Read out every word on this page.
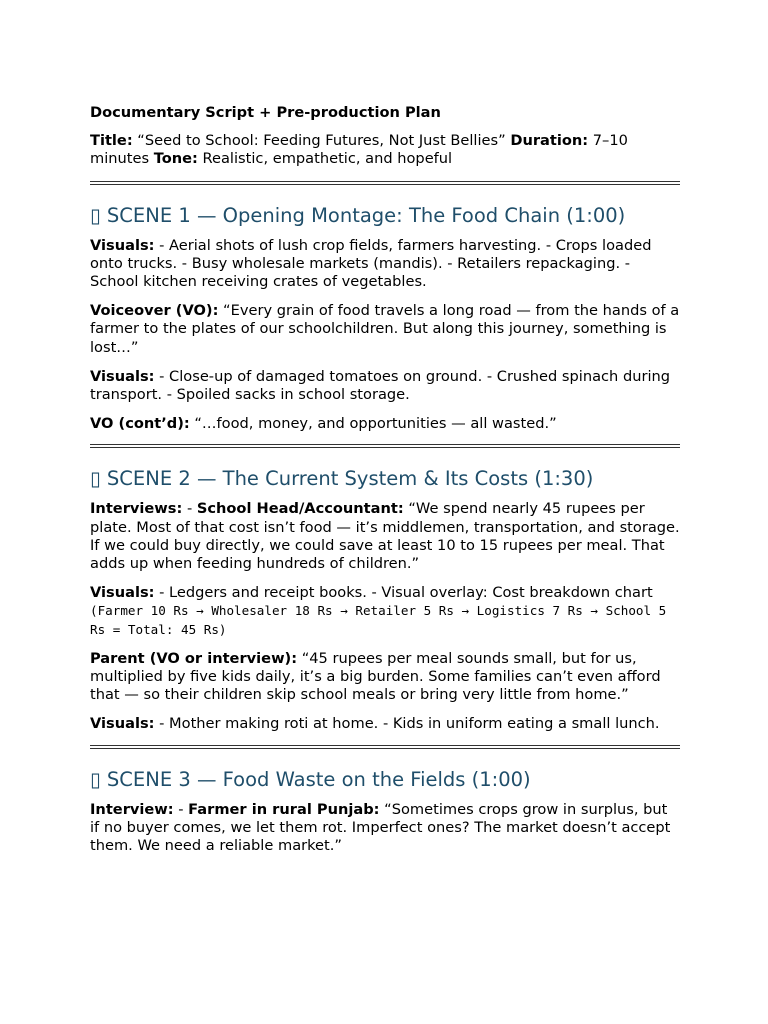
Documentary Script + Pre-production Plan

Title: “Seed to School: Feeding Futures, Not Just Bellies” Duration: 7–10 minutes Tone: Realistic, empathetic, and hopeful

▯ SCENE 1 — Opening Montage: The Food Chain (1:00)

Visuals: - Aerial shots of lush crop fields, farmers harvesting. - Crops loaded onto trucks. - Busy wholesale markets (mandis). - Retailers repackaging. - School kitchen receiving crates of vegetables.

Voiceover (VO): “Every grain of food travels a long road — from the hands of a farmer to the plates of our schoolchildren. But along this journey, something is lost…”

Visuals: - Close-up of damaged tomatoes on ground. - Crushed spinach during transport. - Spoiled sacks in school storage.

VO (cont’d): “…food, money, and opportunities — all wasted.”

▯ SCENE 2 — The Current System & Its Costs (1:30)

Interviews: - School Head/Accountant: “We spend nearly 45 rupees per plate. Most of that cost isn’t food — it’s middlemen, transportation, and storage. If we could buy directly, we could save at least 10 to 15 rupees per meal. That adds up when feeding hundreds of children.”

Visuals: - Ledgers and receipt books. - Visual overlay: Cost breakdown chart (Farmer 10 Rs → Wholesaler 18 Rs → Retailer 5 Rs → Logistics 7 Rs → School 5 Rs = Total: 45 Rs)

Parent (VO or interview): “45 rupees per meal sounds small, but for us, multiplied by five kids daily, it’s a big burden. Some families can’t even afford that — so their children skip school meals or bring very little from home.”

Visuals: - Mother making roti at home. - Kids in uniform eating a small lunch.

▯ SCENE 3 — Food Waste on the Fields (1:00)

Interview: - Farmer in rural Punjab: “Sometimes crops grow in surplus, but if no buyer comes, we let them rot. Imperfect ones? The market doesn’t accept them. We need a reliable market.”
